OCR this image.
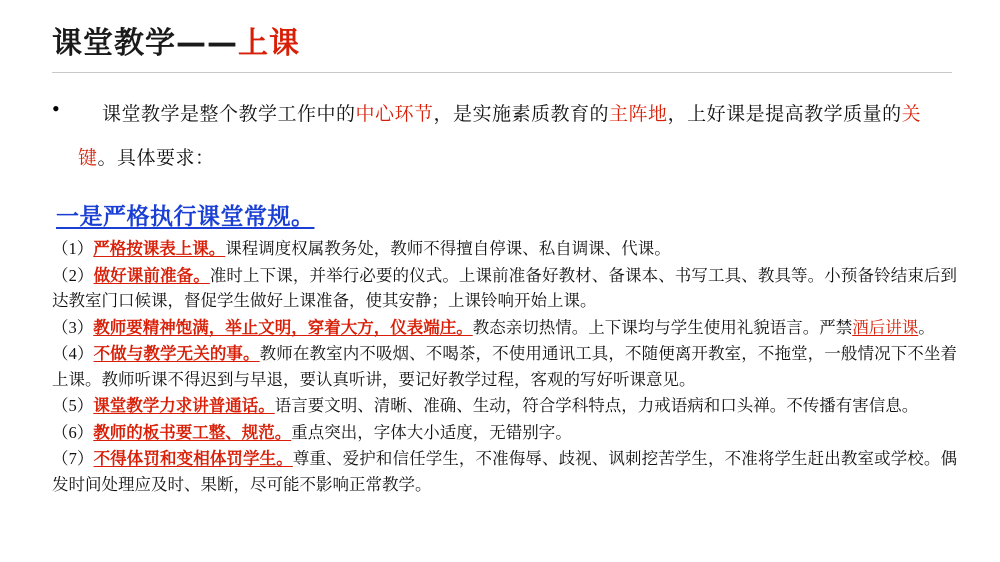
课堂教学——上课
•	课堂教学是整个教学工作中的中心环节，是实施素质教育的主阵地，上好课是提高教学质量的关键。具体要求：
一是严格执行课堂常规。
（1）严格按课表上课。课程调度权属教务处，教师不得擅自停课、私自调课、代课。
（2）做好课前准备。准时上下课，并举行必要的仪式。上课前准备好教材、备课本、书写工具、教具等。小预备铃结束后到达教室门口候课，督促学生做好上课准备，使其安静；上课铃响开始上课。
（3）教师要精神饱满，举止文明，穿着大方，仪表端庄。教态亲切热情。上下课均与学生使用礼貌语言。严禁酒后讲课。
（4）不做与教学无关的事。教师在教室内不吸烟、不喝茶，不使用通讯工具，不随便离开教室，不拖堂，一般情况下不坐着上课。教师听课不得迟到与早退，要认真听讲，要记好教学过程，客观的写好听课意见。
（5）课堂教学力求讲普通话。语言要文明、清晰、准确、生动，符合学科特点，力戒语病和口头禅。不传播有害信息。
（6）教师的板书要工整、规范。重点突出，字体大小适度，无错别字。
（7）不得体罚和变相体罚学生。尊重、爱护和信任学生，不准侮辱、歧视、讽刺挖苦学生，不准将学生赶出教室或学校。偶发时间处理应及时、果断，尽可能不影响正常教学。
